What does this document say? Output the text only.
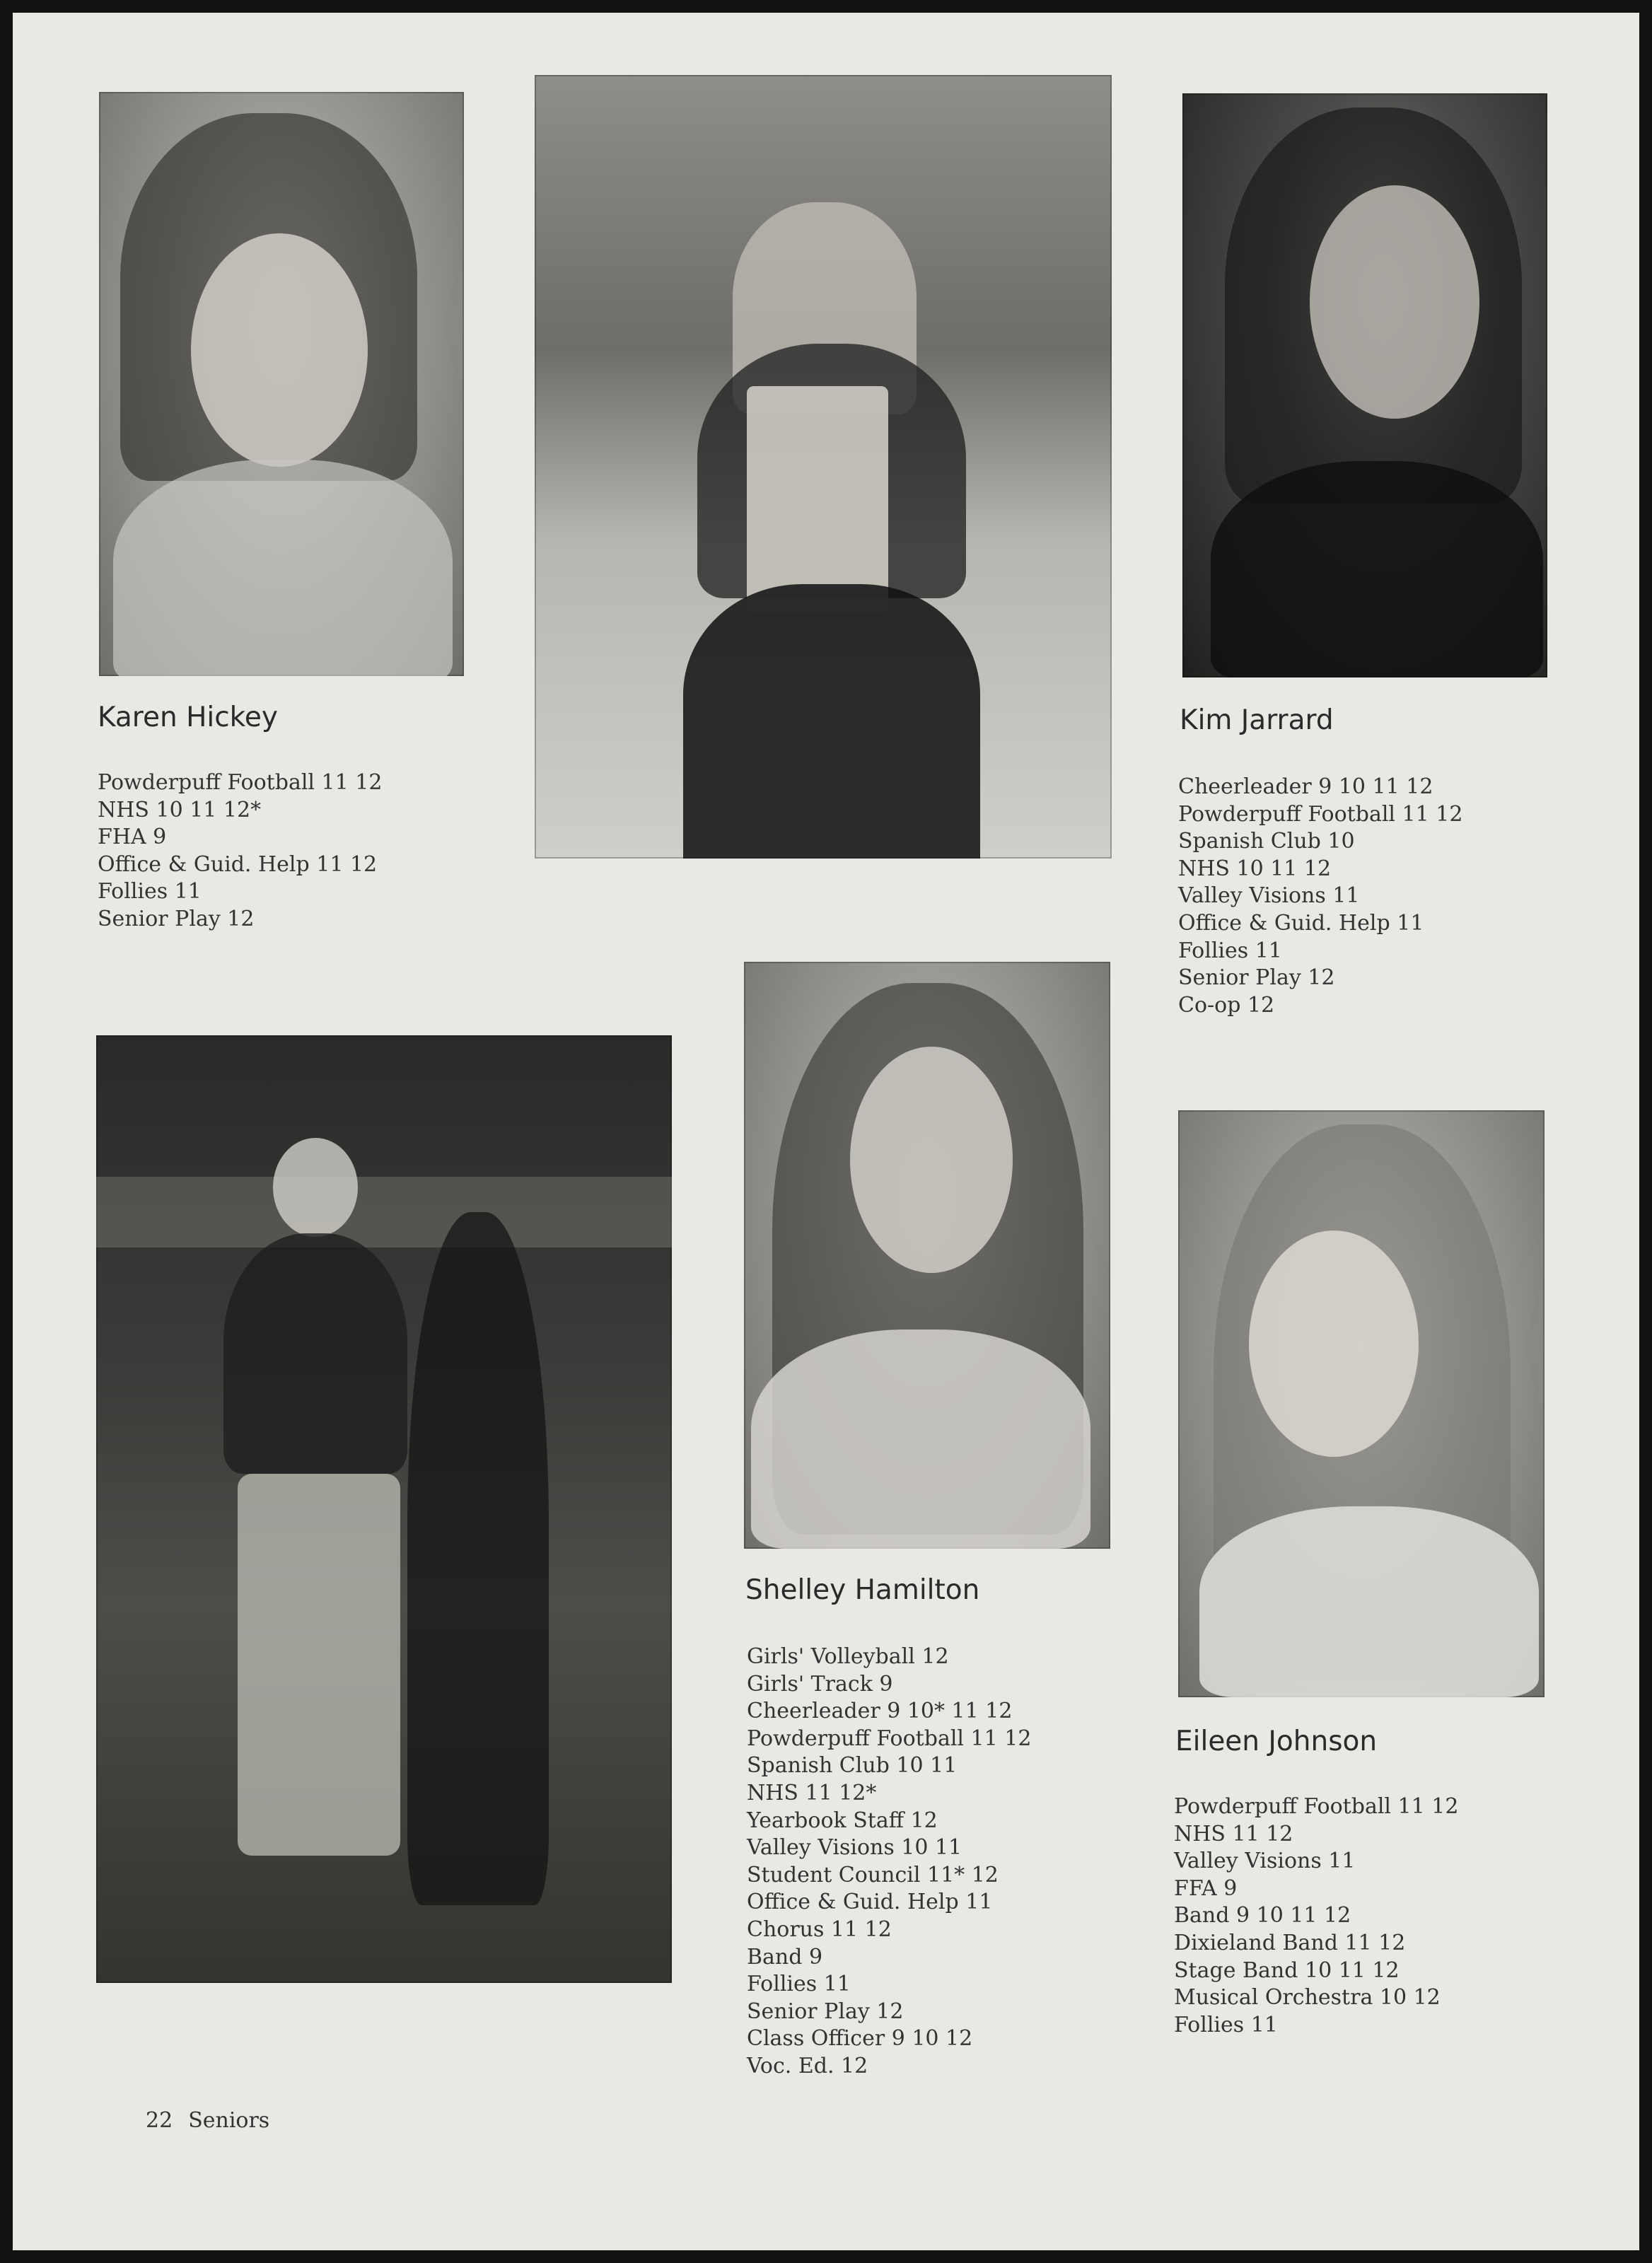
Karen Hickey
Powderpuff Football 11 12
NHS 10 11 12*
FHA 9
Office & Guid. Help 11 12
Follies 11
Senior Play 12
Kim Jarrard
Cheerleader 9 10 11 12
Powderpuff Football 11 12
Spanish Club 10
NHS 10 11 12
Valley Visions 11
Office & Guid. Help 11
Follies 11
Senior Play 12
Co-op 12
Shelley Hamilton
Girls' Volleyball 12
Girls' Track 9
Cheerleader 9 10* 11 12
Powderpuff Football 11 12
Spanish Club 10 11
NHS 11 12*
Yearbook Staff 12
Valley Visions 10 11
Student Council 11* 12
Office & Guid. Help 11
Chorus 11 12
Band 9
Follies 11
Senior Play 12
Class Officer 9 10 12
Voc. Ed. 12
Eileen Johnson
Powderpuff Football 11 12
NHS 11 12
Valley Visions 11
FFA 9
Band 9 10 11 12
Dixieland Band 11 12
Stage Band 10 11 12
Musical Orchestra 10 12
Follies 11
22 Seniors
